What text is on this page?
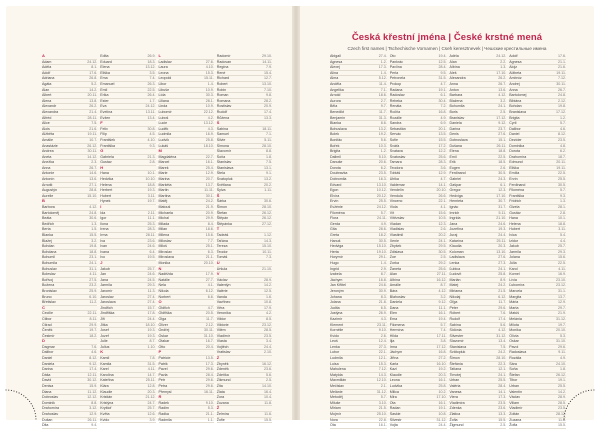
A
Adam	24.12.
Adéla	8.1.
Adolf	17.6.
Adriana	26.8.
Agáta	5.2.
Alan	14.2.
Albert	20.11.
Alena	13.8.
Alexandr	26.2.
Alexandra	21.4.
Alfréd	28.11.
Alice	7.5.
Alois	21.6.
Alžběta	19.11.
Amálie	10.7.
Anastázie	26.12.
Andrea	30.11.
Aneta	14.12.
Anežka	2.3.
Anna	26.7.
Antonie	14.6.
Antonín	13.6.
Arnošt	27.1.
Augustýn	28.8.
Aurelie	15.10.
B
Barbora	4.12.
Bartoloměj	24.8.
Beáta	30.6.
Bedřich	1.3.
Berta	1.5.
Blanka	15.5.
Blažej	3.2.
Bohdan	19.8.
Bohdana	18.8.
Bohumil	23.1.
Bohumila	24.1.
Bohuslav	31.1.
Boleslav	4.11.
Bořivoj	27.5.
Božena	23.2.
Bronislav	25.9.
Bruno	6.10.
Břetislav	11.2.
C
Cecílie	22.11.
Ctibor	8.11.
Ctirad	29.9.
Čeněk	19.7.
Čestmír	18.2.
D
Dagmar	7.6.
Dalibor	4.6.
Daniel	8.12.
Daniela	9.12.
Darina	17.4.
Dáša	12.11.
David	30.12.
Denisa	15.9.
Diana	11.12.
Dobroslav	12.12.
Dominik	8.8.
Drahomíra	3.12.
Drahoslav	12.9.
Dušan	26.11.
Dita	9.4.
Edita	26.9.
Eduard	18.3.
Elena	13.12.
Eliška	3.5.
Ema	7.4.
Emanuel	26.3.
Emil	22.5.
Erika	26.4.
Ester	1.7.
Eva	24.12.
Evelína	13.11.
Evžen	13.4.
F
Felix	30.8.
Filip	4.5.
František	4.10.
Františka	9.3.
G
Gabriela	21.3.
Gustav	2.8.
H
Hana	10.1.
Hedvika	10.10.
Helena	18.8.
Herbert	19.3.
Hubert	3.11.
Hynek	19.7.
I
Ida	2.11.
Igor	11.1.
Ilona	25.3.
Irena	28.3.
Irma	28.11.
Iva	23.6.
Ivan	24.6.
Ivana	6.4.
Ivo	19.5.
J
Jakub	25.7.
Jan	24.6.
Jana	24.5.
Jarmila	29.3.
Jaromír	11.3.
Jaroslav	27.4.
Jaroslava	27.4.
Jindřich	15.7.
Jindřiška	17.8.
Jiří	24.4.
Jitka	18.10.
Josef	19.3.
Jozef	19.3.
Julie	8.7.
Julius	1.10.
K
Kamil	7.8.
Kamila	31.5.
Karel	4.11.
Karolína	14.7.
Kateřina	25.11.
Klára	12.8.
Klaudie	20.3.
Kristián	21.12.
Kristýna	24.7.
Kryštof	25.7.
Květa	12.6.
Kvido	3.9.
L
Ladislav	27.6.
Laura	4.10.
Leona	15.3.
Leopold	15.11.
Libor	1.4.
Libuše	10.9.
Lída	30.3.
Liliana	28.1.
Linda	10.9.
Lubomír	22.12.
Luboš	4.2.
Lucie	13.12.
Luděk	4.3.
Ludmila	16.9.
Ludvík	25.8.
Lukáš	18.10.
M
Magdaléna	22.7.
Marcel	16.1.
Marek	25.4.
Marie	12.9.
Marina	20.7.
Markéta	13.7.
Martin	11.11.
Martina	30.1.
Matěj	24.2.
Matouš	21.9.
Michaela	20.9.
Michal	29.9.
Milada	8.4.
Milan	18.6.
Milena	15.6.
Miloslav	7.7.
Miloš	25.1.
Miroslav	6.3.
Miroslava	21.1.
Monika	20.10.
N
Naděžda	17.9.
Natálie	27.7.
Nela	4.1.
Nikola	6.12.
Norbert	6.6.
O
Oldřich	4.7.
Oldřiška	20.5.
Olga	11.7.
Oliver	2.12.
Ondřej	30.11.
Oskar	31.10.
Otakar	16.7.
Otto	20.4.
P
Patricie	13.5.
Patrik	17.3.
Pavel	29.6.
Pavla	28.4.
Petr	29.6.
Petra	29.6.
Přemysl	16.11.
R
Radek	9.10.
Radim	5.3.
Radka	21.1.
Radmila	1.1.
Radomír	29.10.
Radovan	14.11.
Regína	7.9.
René	15.4.
Richard	12.7.
Robert	13.10.
Robin	7.10.
Roman	9.8.
Romana	28.2.
Rostislav	20.9.
Rudolf	17.4.
Růžena	13.3.
S
Sabina	18.11.
Samuel	7.1.
Silvie	5.11.
Simona	28.10.
Slavomír	8.8.
Soňa	1.8.
Stanislav	7.5.
Stanislava	13.1.
Stela	9.1.
Svatopluk	13.2.
Světlana	20.2.
Sylva	1.11.
Š
Šárka	30.6.
Šimon	28.10.
Štefan	26.12.
Štěpán	26.12.
Štěpánka	27.12.
T
Tadeáš	1.12.
Taťána	14.3.
Tereza	15.10.
Teodor	10.11.
Tomáš	7.3.
U
Uršula	21.10.
V
Václav	28.9.
Valentýn	14.2.
Valérie	12.5.
Vanda	1.6.
Vavřinec	10.8.
Věra	17.9.
Veronika	4.2.
Viktor	8.5.
Viktorie	23.12.
Vilém	28.5.
Vladimír	23.5.
Vlasta	3.4.
Vojtěch	24.4.
Vratislav	2.10.
Z
Zbyněk	16.12.
Zdeněk	23.6.
Zdeňka	5.6.
Zikmund	2.5.
Zita	14.10.
Zlata	16.4.
Zora	10.4.
Zuzana	11.8.
Ž
Želmíra	11.6.
Žofie	15.5.
Česká křestní jména | České krstné mená
Czech first names | Tschechische Vornamen | Cseh keresztnevek | Чешские крестильные имена
Abigail	27.4.
Agnesa	1.2.
Alexej	17.3.
Alina	1.4.
Alma	5.12.
Anděla	11.4.
Angelika	7.1.
Arnold	18.6.
Aurora	2.7.
Běla	9.7.
Benedikt	11.7.
Benjamín	31.3.
Bianka	8.6.
Bohuslava	13.2.
Bolek	19.2.
Bonifác	5.6.
Bořek	10.3.
Brigita	1.2.
Dalimil	5.10.
Danuše	20.6.
Dorota	6.2.
Doubravka	23.5.
Dobromila	16.3.
Edvard	13.10.
Egon	10.12.
Elvíra	20.12.
Ervín	25.5.
Evžénie	24.12.
Filoména	5.7.
Flora	24.11.
Gerda	4.9.
Gita	28.6.
Greta	18.2.
Hanuš	30.5.
Hedviga	15.10.
Herta	19.10.
Horymír	29.1.
Hugo	1.4.
Ingrid	2.9.
Izabela	8.7.
Jáchym	16.8.
Jan Křtitel	24.6.
Jeroným	30.9.
Johana	8.3.
Jolana	21.8.
Judita	6.5.
Justýna	26.9.
Kazimír	4.3.
Klement	23.11.
Kornélie	9.10.
Kvido	2.6.
Leoš	12.4.
Lenka	27.3.
Lubor	22.1.
Ludmila	12.1.
Luisa	15.3.
Mahulena	7.12.
Matylda	14.3.
Maxmilián	12.10.
Mečislav	2.1.
Melánie	31.12.
Metoděj	5.7.
Miluše	3.10.
Miriam	21.5.
Mojmír	25.10.
Nora	22.8.
Ota	16.1.
Oto	19.4.
Pankrác	12.5.
Pavlína	28.4.
Perla	9.5.
Petronela	31.5.
Prokop	4.7.
Radana	19.1.
Radoslav	6.1.
Rebeka	30.4.
Renáta	7.2.
Ročňa	16.8.
Rozálie	4.9.
Sandra	6.9.
Sebastián	20.1.
Servác	13.5.
Sofie	15.5.
Sváťa	17.2.
Svatava	12.2.
Svatoslav	25.6.
Tamara	28.3.
Teodora	3.6.
Tobiáš	12.9.
Ulrika	4.7.
Valdemar	14.1.
Vendelín	20.10.
Vendula	26.6.
Vincenc	22.1.
Viola	4.1.
Vít	15.6.
Vítězslav	10.5.
Vladan	12.3.
Vladislav	2.6.
Vlastimil	20.2.
Xenie	24.1.
Zbyšek	29.5.
Zdislava	30.5.
Zoe	2.5.
Zorka	29.2.
Žaneta	25.6.
Alan	27.11.
Albína	16.12.
Amálie	8.7.
Bára	4.12.
Blahoslav	3.2.
Daniela	9.12.
Dana	11.1.
Elen	16.1.
Ema	19.4.
Filomena	5.7.
Hermína	7.4.
Hilda	17.11.
Ilja	3.8.
Irma	17.12.
Jáchym	16.8.
Jiřina	27.2.
Karla	16.10.
Kazi	19.2.
Klaudie	20.3.
Leona	16.1.
Ludvika	25.8.
Milica	10.2.
Mira	17.10.
Ota	16.1.
Radan	19.1.
Saskie	10.8.
Silvestr	31.12.
Vojta	24.4.
Adéla	24.12.
Alan	2.2.
Albína	1.3.
Aleš	17.10.
Alexandra	26.2.
Anna	26.7.
Anton	13.6.
Barbara	4.12.
Blažena	3.2.
Bohumila	24.1.
Boris	2.5.
Branislav	17.12.
Daniela	9.12.
Darina	23.7.
Denis	27.6.
Dobroslava	15.1.
Dušana	26.11.
Elena	18.8.
Emil	22.5.
Erik	18.5.
Eugen	2.6.
Ferdinand	30.5.
Gabriel	24.3.
Gašpar	6.1.
Gregor	12.3.
Hedviga	17.10.
Henrieta	30.7.
Ignác	31.7.
Imrich	5.11.
Ingrida	21.10.
Jana	24.6.
Jozefína	19.3.
Juraj	24.4.
Katarína	25.11.
Klaudia	20.3.
Koloman	13.10.
Ladislava	27.6.
Lenka	27.3.
Ľubica	24.1.
Ľudovít	25.8.
Marián	8.9.
Matej	24.2.
Miriama	21.5.
Nikolaj	6.12.
Oľga	11.7.
Peter	29.6.
Róbert	7.6.
Rudolf	17.4.
Sabína	5.6.
Sidónia	4.12.
Silvester	31.12.
Slavomír	13.4.
Stanislava	7.5.
Svätopluk	24.2.
Šimon	28.10.
Štefánia	22.3.
Tatiana	12.1.
Timotej	24.1.
Urban	25.5.
Valéria	28.4.
Vanesa	14.1.
Viera	17.3.
Vladimíra	23.5.
Zdenka	23.6.
Zlatica	13.3.
Žofia	15.5.
Žigmund	2.5.
Adolf	17.6.
Agnesa	21.1.
Alojz	21.6.
Alžbeta	19.11.
Ambróz	7.12.
Andrej	30.11.
Anna	26.7.
Bartolomej	24.8.
Bibiána	2.12.
Bohdan	19.8.
Branislava	17.12.
Brigita	1.2.
Cyril	5.7.
Dalibor	4.6.
Daniel	8.12.
Dezider	23.5.
Dominika	4.8.
Dorota	6.2.
Drahomíra	18.7.
Edmund	20.11.
Eliška	19.11.
Emília	22.5.
Ervín	25.5.
Ferdinand	30.5.
Filoména	5.7.
Františka	9.3.
Fridrich	1.3.
Gizela	28.1.
Gustáv	2.8.
Hana	10.1.
Helena	18.8.
Hubert	3.11.
Ivica	5.4.
Izidor	4.4.
Jakub	25.7.
Jarmila	29.3.
Jolana	15.6.
Júlia	22.5.
Karol	4.11.
Kornel	16.9.
Lívia	23.10.
Ľubomíra	23.12.
Marcela	31.1.
Margita	13.7.
Mária	12.9.
Marta	29.7.
Matúš	21.9.
Melánia	31.12.
Milota	19.7.
Monika	20.10.
Olívia	5.3.
Oskar	31.10.
Pavol	29.6.
Radoslava	9.11.
Rozália	4.9.
Sára	24.10.
Soňa	1.8.
Štefan	26.12.
Tibor	19.1.
Urban	25.5.
Valentín	14.2.
Václav	28.9.
Viliam	28.5.
Vladimír	23.5.
Zoltán	28.12.
Zuzana	11.8.
Žofia	15.5.
